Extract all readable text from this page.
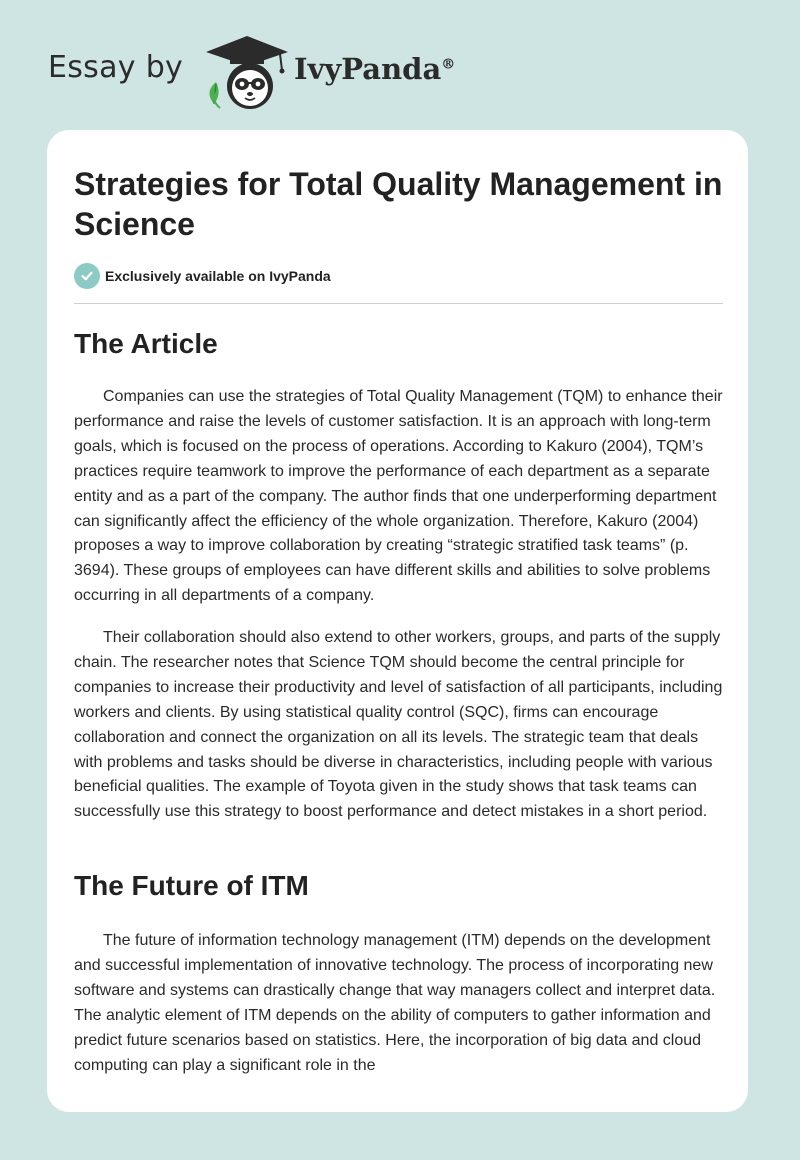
Essay by	IvyPanda®
Strategies for Total Quality Management in Science
Exclusively available on IvyPanda
The Article

Companies can use the strategies of Total Quality Management (TQM) to enhance their performance and raise the levels of customer satisfaction. It is an approach with long-term goals, which is focused on the process of operations. According to Kakuro (2004), TQM’s practices require teamwork to improve the performance of each department as a separate entity and as a part of the company. The author finds that one underperforming department can significantly affect the efficiency of the whole organization. Therefore, Kakuro (2004) proposes a way to improve collaboration by creating “strategic stratified task teams” (p. 3694). These groups of employees can have different skills and abilities to solve problems occurring in all departments of a company.

Their collaboration should also extend to other workers, groups, and parts of the supply chain. The researcher notes that Science TQM should become the central principle for companies to increase their productivity and level of satisfaction of all participants, including workers and clients. By using statistical quality control (SQC), firms can encourage collaboration and connect the organization on all its levels. The strategic team that deals with problems and tasks should be diverse in characteristics, including people with various beneficial qualities. The example of Toyota given in the study shows that task teams can successfully use this strategy to boost performance and detect mistakes in a short period.

The Future of ITM

The future of information technology management (ITM) depends on the development and successful implementation of innovative technology. The process of incorporating new software and systems can drastically change that way managers collect and interpret data. The analytic element of ITM depends on the ability of computers to gather information and predict future scenarios based on statistics. Here, the incorporation of big data and cloud computing can play a significant role in the
